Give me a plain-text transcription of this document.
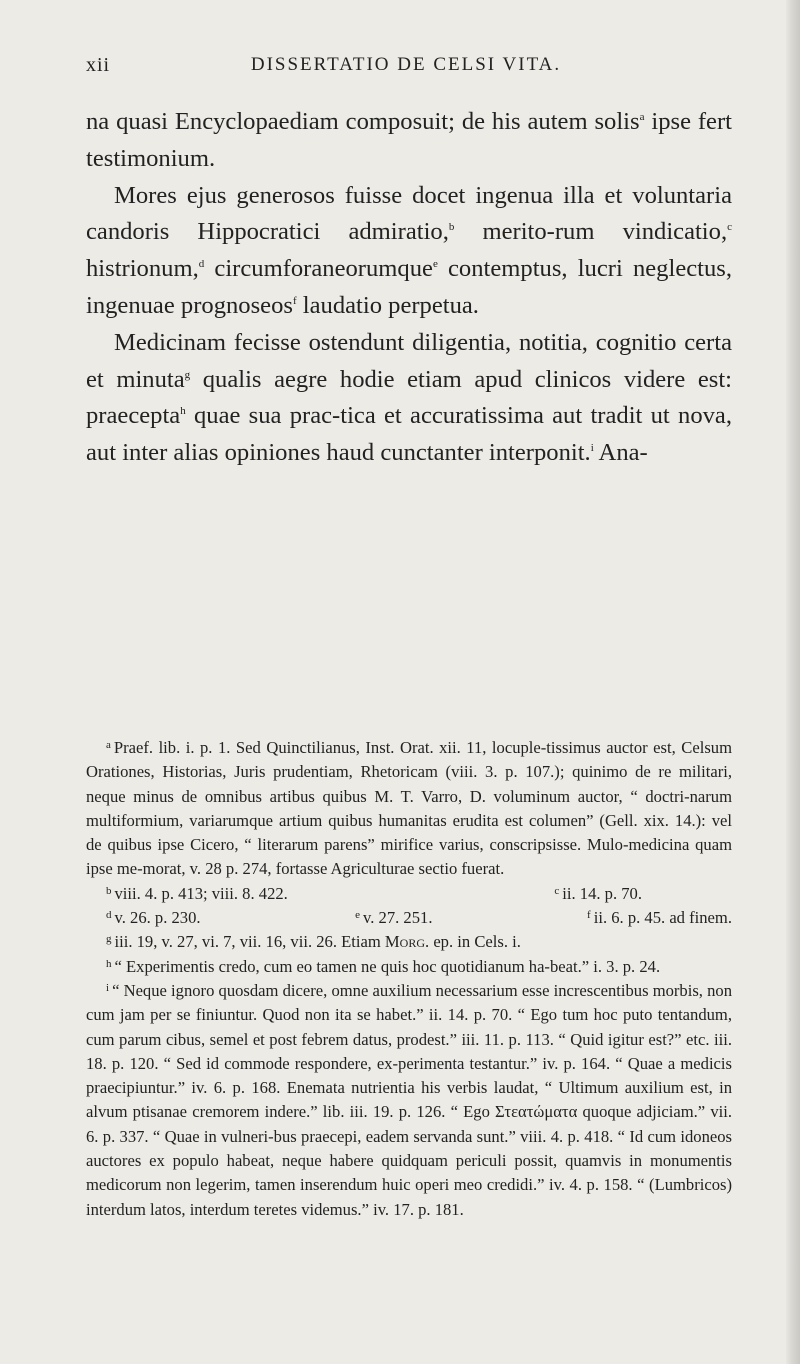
xii	DISSERTATIO DE CELSI VITA.

na quasi Encyclopaediam composuit; de his autem solis$^a$ ipse fert testimonium.

Mores ejus generosos fuisse docet ingenua illa et voluntaria candoris Hippocratici admiratio,$^b$ merito-rum vindicatio,$^c$ histrionum,$^d$ circumforaneorumque$^e$ contemptus, lucri neglectus, ingenuae prognoseos$^f$ laudatio perpetua.

Medicinam fecisse ostendunt diligentia, notitia, cognitio certa et minuta$^g$ qualis aegre hodie etiam apud clinicos videre est: praecepta$^h$ quae sua prac-tica et accuratissima aut tradit ut nova, aut inter alias opiniones haud cunctanter interponit.$^i$ Ana-

$^a$ Praef. lib. i. p. 1. Sed Quinctilianus, Inst. Orat. xii. 11, locuple-tissimus auctor est, Celsum Orationes, Historias, Juris prudentiam, Rhetoricam (viii. 3. p. 107.); quinimo de re militari, neque minus de omnibus artibus quibus M. T. Varro, D. voluminum auctor, “ doctri-narum multiformium, variarumque artium quibus humanitas erudita est columen” (Gell. xix. 14.): vel de quibus ipse Cicero, “ literarum parens” mirifice varius, conscripsisse. Mulo-medicina quam ipse me-morat, v. 28 p. 274, fortasse Agriculturae sectio fuerat.

$^b$ viii. 4. p. 413; viii. 8. 422.	$^c$ ii. 14. p. 70.
$^d$ v. 26. p. 230.	$^e$ v. 27. 251.	$^f$ ii. 6. p. 45. ad finem.

$^g$ iii. 19, v. 27, vi. 7, vii. 16, vii. 26. Etiam Morg. ep. in Cels. i.

$^h$ “ Experimentis credo, cum eo tamen ne quis hoc quotidianum ha-beat.” i. 3. p. 24.

$^i$ “ Neque ignoro quosdam dicere, omne auxilium necessarium esse increscentibus morbis, non cum jam per se finiuntur. Quod non ita se habet.” ii. 14. p. 70. “ Ego tum hoc puto tentandum, cum parum cibus, semel et post febrem datus, prodest.” iii. 11. p. 113. “ Quid igitur est?” etc. iii. 18. p. 120. “ Sed id commode respondere, ex-perimenta testantur.” iv. p. 164. “ Quae a medicis praecipiuntur.” iv. 6. p. 168. Enemata nutrientia his verbis laudat, “ Ultimum auxilium est, in alvum ptisanae cremorem indere.” lib. iii. 19. p. 126. “ Ego Στεατώματα quoque adjiciam.” vii. 6. p. 337. “ Quae in vulneri-bus praecepi, eadem servanda sunt.” viii. 4. p. 418. “ Id cum idoneos auctores ex populo habeat, neque habere quidquam periculi possit, quamvis in monumentis medicorum non legerim, tamen inserendum huic operi meo credidi.” iv. 4. p. 158. “ (Lumbricos) interdum latos, interdum teretes videmus.” iv. 17. p. 181.
